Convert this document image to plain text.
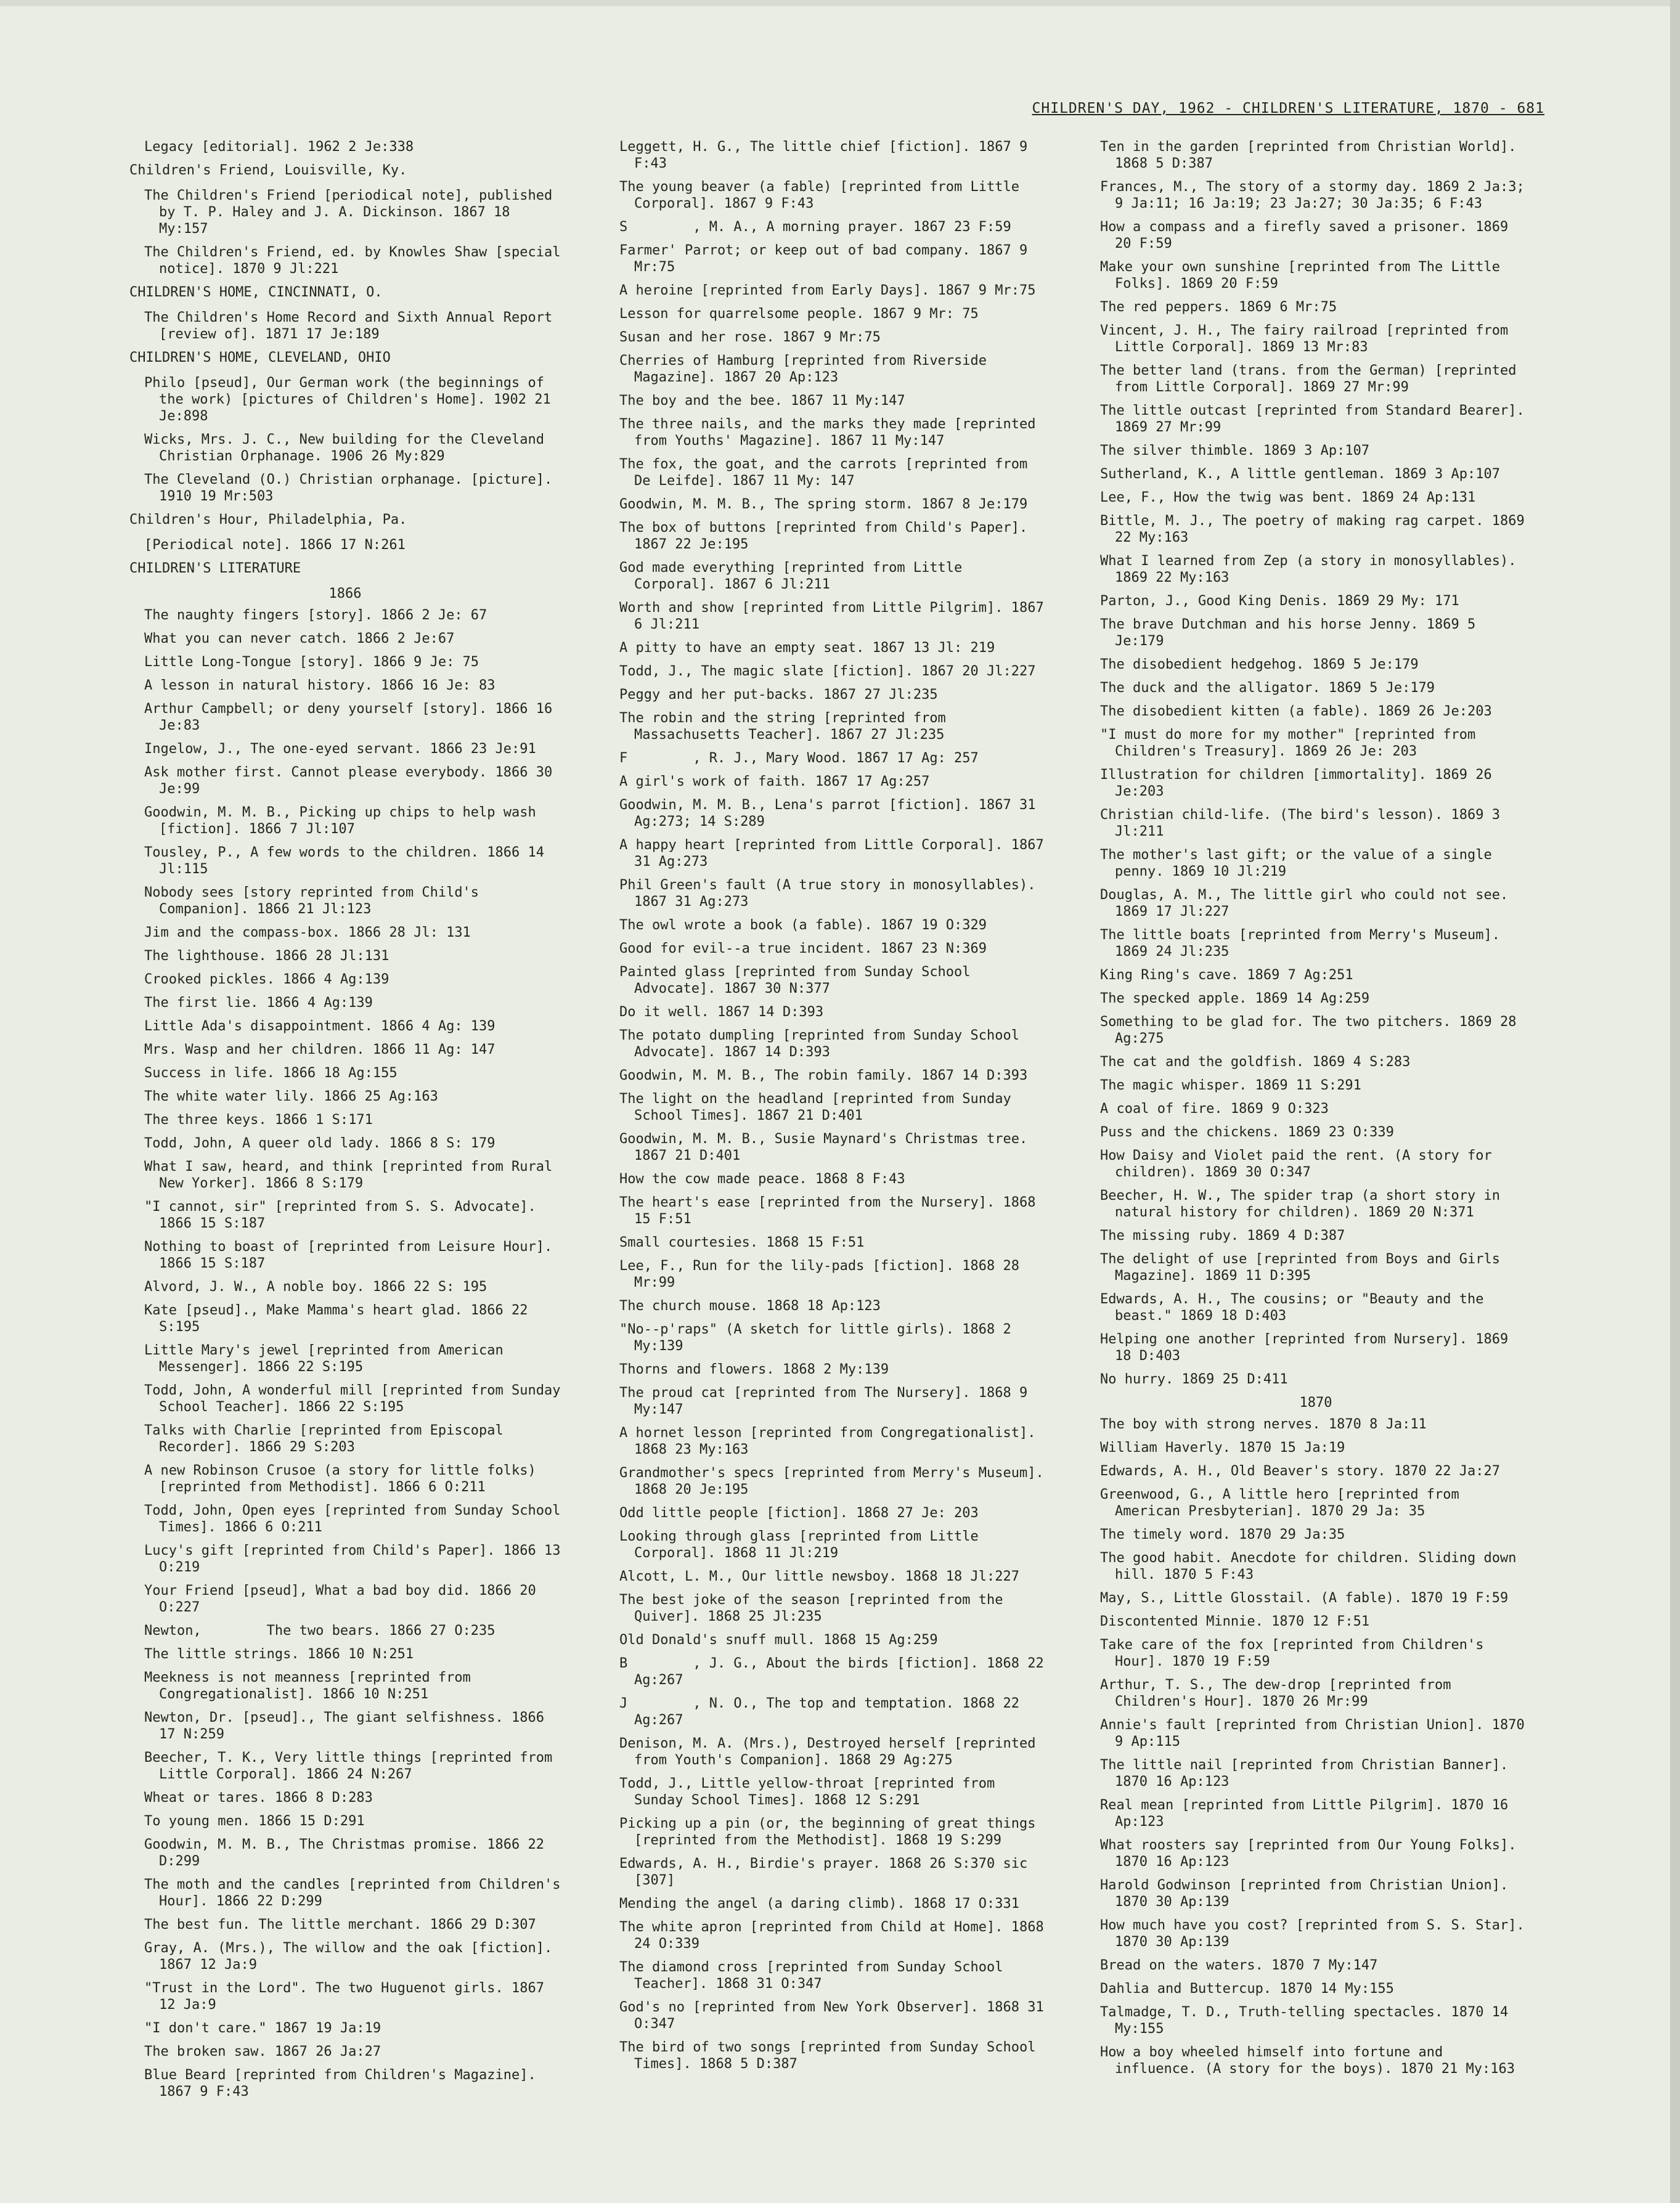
CHILDREN'S DAY, 1962 - CHILDREN'S LITERATURE, 1870 - 681
Legacy [editorial]. 1962 2 Je:338
Children's Friend, Louisville, Ky.
The Children's Friend [periodical note], published by T. P. Haley and J. A. Dickinson. 1867 18 My:157
The Children's Friend, ed. by Knowles Shaw [special notice]. 1870 9 Jl:221
CHILDREN'S HOME, CINCINNATI, O.
The Children's Home Record and Sixth Annual Report [review of]. 1871 17 Je:189
CHILDREN'S HOME, CLEVELAND, OHIO
Philo [pseud], Our German work (the beginnings of the work) [pictures of Children's Home]. 1902 21 Je:898
Wicks, Mrs. J. C., New building for the Cleveland Christian Orphanage. 1906 26 My:829
The Cleveland (O.) Christian orphanage. [picture]. 1910 19 Mr:503
Children's Hour, Philadelphia, Pa.
[Periodical note]. 1866 17 N:261
CHILDREN'S LITERATURE
1866
The naughty fingers [story]. 1866 2 Je: 67
What you can never catch. 1866 2 Je:67
Little Long-Tongue [story]. 1866 9 Je: 75
A lesson in natural history. 1866 16 Je: 83
Arthur Campbell; or deny yourself [story]. 1866 16 Je:83
Ingelow, J., The one-eyed servant. 1866 23 Je:91
Ask mother first. Cannot please everybody. 1866 30 Je:99
Goodwin, M. M. B., Picking up chips to help wash [fiction]. 1866 7 Jl:107
Tousley, P., A few words to the children. 1866 14 Jl:115
Nobody sees [story reprinted from Child's Companion]. 1866 21 Jl:123
Jim and the compass-box. 1866 28 Jl: 131
The lighthouse. 1866 28 Jl:131
Crooked pickles. 1866 4 Ag:139
The first lie. 1866 4 Ag:139
Little Ada's disappointment. 1866 4 Ag: 139
Mrs. Wasp and her children. 1866 11 Ag: 147
Success in life. 1866 18 Ag:155
The white water lily. 1866 25 Ag:163
The three keys. 1866 1 S:171
Todd, John, A queer old lady. 1866 8 S: 179
What I saw, heard, and think [reprinted from Rural New Yorker]. 1866 8 S:179
"I cannot, sir" [reprinted from S. S. Advocate]. 1866 15 S:187
Nothing to boast of [reprinted from Leisure Hour]. 1866 15 S:187
Alvord, J. W., A noble boy. 1866 22 S: 195
Kate [pseud]., Make Mamma's heart glad. 1866 22 S:195
Little Mary's jewel [reprinted from American Messenger]. 1866 22 S:195
Todd, John, A wonderful mill [reprinted from Sunday School Teacher]. 1866 22 S:195
Talks with Charlie [reprinted from Episcopal Recorder]. 1866 29 S:203
A new Robinson Crusoe (a story for little folks) [reprinted from Methodist]. 1866 6 O:211
Todd, John, Open eyes [reprinted from Sunday School Times]. 1866 6 O:211
Lucy's gift [reprinted from Child's Paper]. 1866 13 O:219
Your Friend [pseud], What a bad boy did. 1866 20 O:227
Newton,        The two bears. 1866 27 O:235
The little strings. 1866 10 N:251
Meekness is not meanness [reprinted from Congregationalist]. 1866 10 N:251
Newton, Dr. [pseud]., The giant selfishness. 1866 17 N:259
Beecher, T. K., Very little things [reprinted from Little Corporal]. 1866 24 N:267
Wheat or tares. 1866 8 D:283
To young men. 1866 15 D:291
Goodwin, M. M. B., The Christmas promise. 1866 22 D:299
The moth and the candles [reprinted from Children's Hour]. 1866 22 D:299
The best fun. The little merchant. 1866 29 D:307
Gray, A. (Mrs.), The willow and the oak [fiction]. 1867 12 Ja:9
"Trust in the Lord". The two Huguenot girls. 1867 12 Ja:9
"I don't care." 1867 19 Ja:19
The broken saw. 1867 26 Ja:27
Blue Beard [reprinted from Children's Magazine]. 1867 9 F:43
Leggett, H. G., The little chief [fiction]. 1867 9 F:43
The young beaver (a fable) [reprinted from Little Corporal]. 1867 9 F:43
S        , M. A., A morning prayer. 1867 23 F:59
Farmer' Parrot; or keep out of bad company. 1867 9 Mr:75
A heroine [reprinted from Early Days]. 1867 9 Mr:75
Lesson for quarrelsome people. 1867 9 Mr: 75
Susan and her rose. 1867 9 Mr:75
Cherries of Hamburg [reprinted from Riverside Magazine]. 1867 20 Ap:123
The boy and the bee. 1867 11 My:147
The three nails, and the marks they made [reprinted from Youths' Magazine]. 1867 11 My:147
The fox, the goat, and the carrots [reprinted from De Leifde]. 1867 11 My: 147
Goodwin, M. M. B., The spring storm. 1867 8 Je:179
The box of buttons [reprinted from Child's Paper]. 1867 22 Je:195
God made everything [reprinted from Little Corporal]. 1867 6 Jl:211
Worth and show [reprinted from Little Pilgrim]. 1867 6 Jl:211
A pitty to have an empty seat. 1867 13 Jl: 219
Todd, J., The magic slate [fiction]. 1867 20 Jl:227
Peggy and her put-backs. 1867 27 Jl:235
The robin and the string [reprinted from Massachusetts Teacher]. 1867 27 Jl:235
F        , R. J., Mary Wood. 1867 17 Ag: 257
A girl's work of faith. 1867 17 Ag:257
Goodwin, M. M. B., Lena's parrot [fiction]. 1867 31 Ag:273; 14 S:289
A happy heart [reprinted from Little Corporal]. 1867 31 Ag:273
Phil Green's fault (A true story in monosyllables). 1867 31 Ag:273
The owl wrote a book (a fable). 1867 19 O:329
Good for evil--a true incident. 1867 23 N:369
Painted glass [reprinted from Sunday School Advocate]. 1867 30 N:377
Do it well. 1867 14 D:393
The potato dumpling [reprinted from Sunday School Advocate]. 1867 14 D:393
Goodwin, M. M. B., The robin family. 1867 14 D:393
The light on the headland [reprinted from Sunday School Times]. 1867 21 D:401
Goodwin, M. M. B., Susie Maynard's Christmas tree. 1867 21 D:401
How the cow made peace. 1868 8 F:43
The heart's ease [reprinted from the Nursery]. 1868 15 F:51
Small courtesies. 1868 15 F:51
Lee, F., Run for the lily-pads [fiction]. 1868 28 Mr:99
The church mouse. 1868 18 Ap:123
"No--p'raps" (A sketch for little girls). 1868 2 My:139
Thorns and flowers. 1868 2 My:139
The proud cat [reprinted from The Nursery]. 1868 9 My:147
A hornet lesson [reprinted from Congregationalist]. 1868 23 My:163
Grandmother's specs [reprinted from Merry's Museum]. 1868 20 Je:195
Odd little people [fiction]. 1868 27 Je: 203
Looking through glass [reprinted from Little Corporal]. 1868 11 Jl:219
Alcott, L. M., Our little newsboy. 1868 18 Jl:227
The best joke of the season [reprinted from the Quiver]. 1868 25 Jl:235
Old Donald's snuff mull. 1868 15 Ag:259
B        , J. G., About the birds [fiction]. 1868 22 Ag:267
J        , N. O., The top and temptation. 1868 22 Ag:267
Denison, M. A. (Mrs.), Destroyed herself [reprinted from Youth's Companion]. 1868 29 Ag:275
Todd, J., Little yellow-throat [reprinted from Sunday School Times]. 1868 12 S:291
Picking up a pin (or, the beginning of great things [reprinted from the Methodist]. 1868 19 S:299
Edwards, A. H., Birdie's prayer. 1868 26 S:370 sic [307]
Mending the angel (a daring climb). 1868 17 O:331
The white apron [reprinted from Child at Home]. 1868 24 O:339
The diamond cross [reprinted from Sunday School Teacher]. 1868 31 O:347
God's no [reprinted from New York Observer]. 1868 31 O:347
The bird of two songs [reprinted from Sunday School Times]. 1868 5 D:387
Ten in the garden [reprinted from Christian World]. 1868 5 D:387
Frances, M., The story of a stormy day. 1869 2 Ja:3; 9 Ja:11; 16 Ja:19; 23 Ja:27; 30 Ja:35; 6 F:43
How a compass and a firefly saved a prisoner. 1869 20 F:59
Make your own sunshine [reprinted from The Little Folks]. 1869 20 F:59
The red peppers. 1869 6 Mr:75
Vincent, J. H., The fairy railroad [reprinted from Little Corporal]. 1869 13 Mr:83
The better land (trans. from the German) [reprinted from Little Corporal]. 1869 27 Mr:99
The little outcast [reprinted from Standard Bearer]. 1869 27 Mr:99
The silver thimble. 1869 3 Ap:107
Sutherland, K., A little gentleman. 1869 3 Ap:107
Lee, F., How the twig was bent. 1869 24 Ap:131
Bittle, M. J., The poetry of making rag carpet. 1869 22 My:163
What I learned from Zep (a story in monosyllables). 1869 22 My:163
Parton, J., Good King Denis. 1869 29 My: 171
The brave Dutchman and his horse Jenny. 1869 5 Je:179
The disobedient hedgehog. 1869 5 Je:179
The duck and the alligator. 1869 5 Je:179
The disobedient kitten (a fable). 1869 26 Je:203
"I must do more for my mother" [reprinted from Children's Treasury]. 1869 26 Je: 203
Illustration for children [immortality]. 1869 26 Je:203
Christian child-life. (The bird's lesson). 1869 3 Jl:211
The mother's last gift; or the value of a single penny. 1869 10 Jl:219
Douglas, A. M., The little girl who could not see. 1869 17 Jl:227
The little boats [reprinted from Merry's Museum]. 1869 24 Jl:235
King Ring's cave. 1869 7 Ag:251
The specked apple. 1869 14 Ag:259
Something to be glad for. The two pitchers. 1869 28 Ag:275
The cat and the goldfish. 1869 4 S:283
The magic whisper. 1869 11 S:291
A coal of fire. 1869 9 O:323
Puss and the chickens. 1869 23 O:339
How Daisy and Violet paid the rent. (A story for children). 1869 30 O:347
Beecher, H. W., The spider trap (a short story in natural history for children). 1869 20 N:371
The missing ruby. 1869 4 D:387
The delight of use [reprinted from Boys and Girls Magazine]. 1869 11 D:395
Edwards, A. H., The cousins; or "Beauty and the beast." 1869 18 D:403
Helping one another [reprinted from Nursery]. 1869 18 D:403
No hurry. 1869 25 D:411
1870
The boy with strong nerves. 1870 8 Ja:11
William Haverly. 1870 15 Ja:19
Edwards, A. H., Old Beaver's story. 1870 22 Ja:27
Greenwood, G., A little hero [reprinted from American Presbyterian]. 1870 29 Ja: 35
The timely word. 1870 29 Ja:35
The good habit. Anecdote for children. Sliding down hill. 1870 5 F:43
May, S., Little Glosstail. (A fable). 1870 19 F:59
Discontented Minnie. 1870 12 F:51
Take care of the fox [reprinted from Children's Hour]. 1870 19 F:59
Arthur, T. S., The dew-drop [reprinted from Children's Hour]. 1870 26 Mr:99
Annie's fault [reprinted from Christian Union]. 1870 9 Ap:115
The little nail [reprinted from Christian Banner]. 1870 16 Ap:123
Real mean [reprinted from Little Pilgrim]. 1870 16 Ap:123
What roosters say [reprinted from Our Young Folks]. 1870 16 Ap:123
Harold Godwinson [reprinted from Christian Union]. 1870 30 Ap:139
How much have you cost? [reprinted from S. S. Star]. 1870 30 Ap:139
Bread on the waters. 1870 7 My:147
Dahlia and Buttercup. 1870 14 My:155
Talmadge, T. D., Truth-telling spectacles. 1870 14 My:155
How a boy wheeled himself into fortune and influence. (A story for the boys). 1870 21 My:163
